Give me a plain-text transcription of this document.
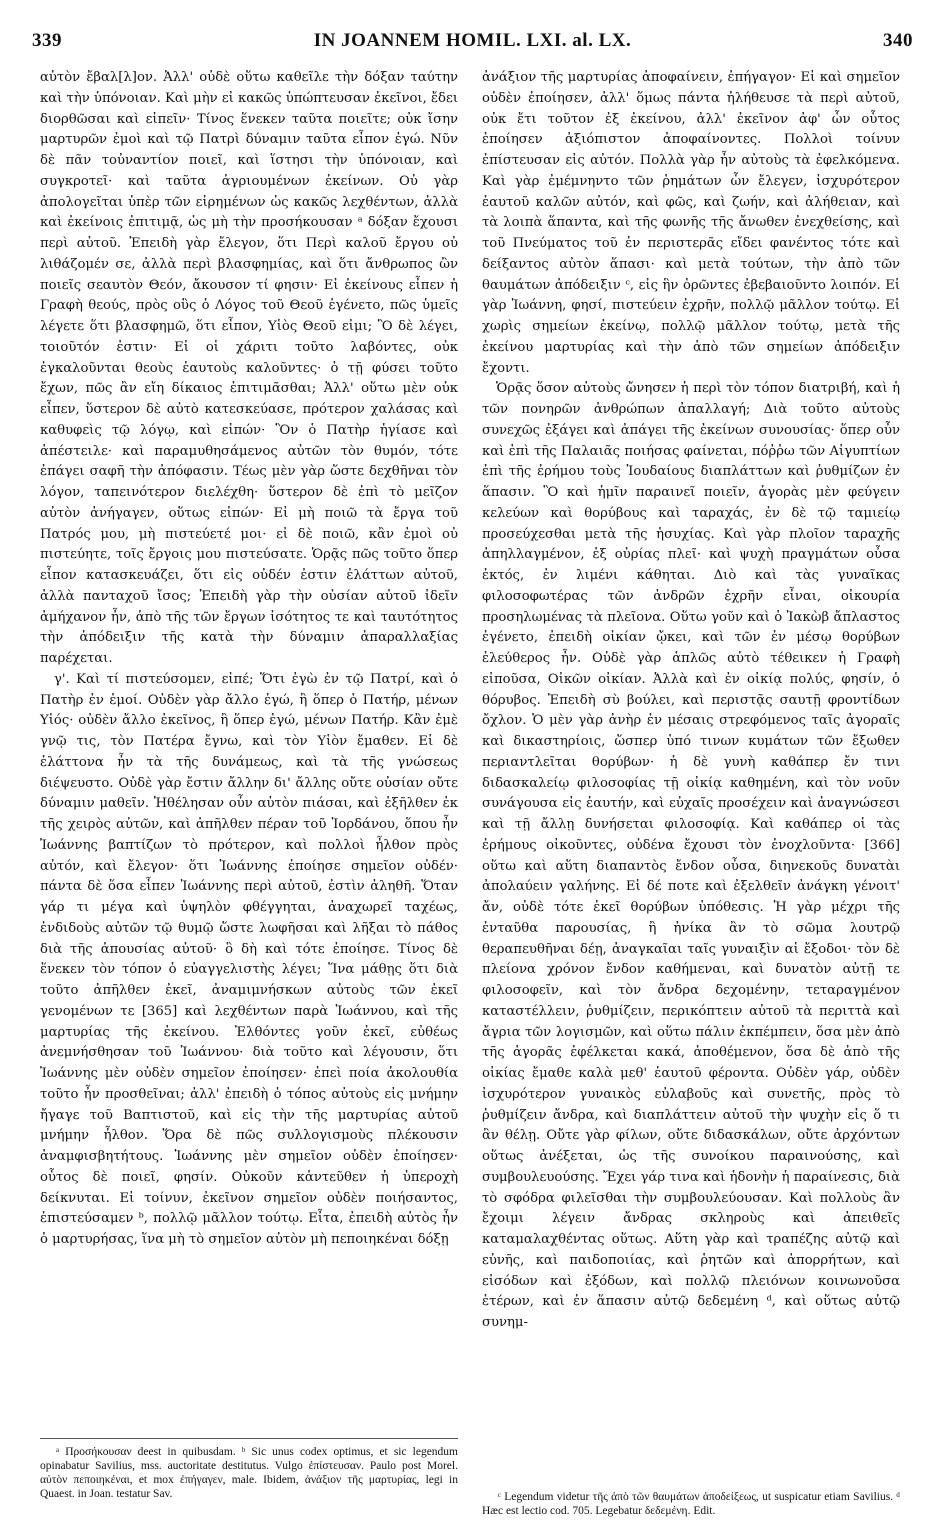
339	IN JOANNEM HOMIL. LXI. al. LX.	340

αὐτὸν ἔβαλ[λ]ον. Ἀλλ' οὐδὲ οὕτω καθεῖλε τὴν δόξαν ταύτην καὶ τὴν ὑπόνοιαν. Καὶ μὴν εἰ κακῶς ὑπώπτευσαν ἐκεῖνοι, ἔδει διορθῶσαι καὶ εἰπεῖν· Τίνος ἕνεκεν ταῦτα ποιεῖτε; οὐκ ἴσην μαρτυρῶν ἐμοὶ καὶ τῷ Πατρὶ δύναμιν ταῦτα εἶπον ἐγώ. Νῦν δὲ πᾶν τοὐναντίον ποιεῖ, καὶ ἵστησι τὴν ὑπόνοιαν, καὶ συγκροτεῖ· καὶ ταῦτα ἀγριουμένων ἐκείνων. Οὐ γὰρ ἀπολογεῖται ὑπὲρ τῶν εἰρημένων ὡς κακῶς λεχθέντων, ἀλλὰ καὶ ἐκείνοις ἐπιτιμᾷ, ὡς μὴ τὴν προσήκουσαν ᵃ δόξαν ἔχουσι περὶ αὐτοῦ. Ἐπειδὴ γὰρ ἔλεγον, ὅτι Περὶ καλοῦ ἔργου οὐ λιθάζομέν σε, ἀλλὰ περὶ βλασφημίας, καὶ ὅτι ἄνθρωπος ὢν ποιεῖς σεαυτὸν Θεόν, ἄκουσον τί φησιν· Εἰ ἐκείνους εἶπεν ἡ Γραφὴ θεούς, πρὸς οὓς ὁ Λόγος τοῦ Θεοῦ ἐγένετο, πῶς ὑμεῖς λέγετε ὅτι βλασφημῶ, ὅτι εἶπον, Υἱὸς Θεοῦ εἰμι; Ὃ δὲ λέγει, τοιοῦτόν ἐστιν· Εἰ οἱ χάριτι τοῦτο λαβόντες, οὐκ ἐγκαλοῦνται θεοὺς ἑαυτοὺς καλοῦντες· ὁ τῇ φύσει τοῦτο ἔχων, πῶς ἂν εἴη δίκαιος ἐπιτιμᾶσθαι; Ἀλλ' οὕτω μὲν οὐκ εἶπεν, ὕστερον δὲ αὐτὸ κατεσκεύασε, πρότερον χαλάσας καὶ καθυφεὶς τῷ λόγῳ, καὶ εἰπών· Ὃν ὁ Πατὴρ ἡγίασε καὶ ἀπέστειλε· καὶ παραμυθησάμενος αὐτῶν τὸν θυμόν, τότε ἐπάγει σαφῆ τὴν ἀπόφασιν. Τέως μὲν γὰρ ὥστε δεχθῆναι τὸν λόγον, ταπεινότερον διελέχθη· ὕστερον δὲ ἐπὶ τὸ μεῖζον αὐτὸν ἀνήγαγεν, οὕτως εἰπών· Εἰ μὴ ποιῶ τὰ ἔργα τοῦ Πατρός μου, μὴ πιστεύετέ μοι· εἰ δὲ ποιῶ, κἂν ἐμοὶ οὐ πιστεύητε, τοῖς ἔργοις μου πιστεύσατε. Ὁρᾷς πῶς τοῦτο ὅπερ εἶπον κατασκευάζει, ὅτι εἰς οὐδέν ἐστιν ἐλάττων αὐτοῦ, ἀλλὰ πανταχοῦ ἴσος; Ἐπειδὴ γὰρ τὴν οὐσίαν αὐτοῦ ἰδεῖν ἀμήχανον ἦν, ἀπὸ τῆς τῶν ἔργων ἰσότητος τε καὶ ταυτότητος τὴν ἀπόδειξιν τῆς κατὰ τὴν δύναμιν ἀπαραλλαξίας παρέχεται.

γ'. Καὶ τί πιστεύσομεν, εἰπέ; Ὅτι ἐγὼ ἐν τῷ Πατρί, καὶ ὁ Πατὴρ ἐν ἐμοί. Οὐδὲν γὰρ ἄλλο ἐγώ, ἢ ὅπερ ὁ Πατήρ, μένων Υἱός· οὐδὲν ἄλλο ἐκεῖνος, ἢ ὅπερ ἐγώ, μένων Πατήρ. Κἂν ἐμὲ γνῷ τις, τὸν Πατέρα ἔγνω, καὶ τὸν Υἱὸν ἔμαθεν. Εἰ δὲ ἐλάττονα ἦν τὰ τῆς δυνάμεως, καὶ τὰ τῆς γνώσεως διέψευστο. Οὐδὲ γὰρ ἔστιν ἄλλην δι' ἄλλης οὔτε οὐσίαν οὔτε δύναμιν μαθεῖν. Ἠθέλησαν οὖν αὐτὸν πιάσαι, καὶ ἐξῆλθεν ἐκ τῆς χειρὸς αὐτῶν, καὶ ἀπῆλθεν πέραν τοῦ Ἰορδάνου, ὅπου ἦν Ἰωάννης βαπτίζων τὸ πρότερον, καὶ πολλοὶ ἦλθον πρὸς αὐτόν, καὶ ἔλεγον· ὅτι Ἰωάννης ἐποίησε σημεῖον οὐδέν· πάντα δὲ ὅσα εἶπεν Ἰωάννης περὶ αὐτοῦ, ἐστὶν ἀληθῆ. Ὅταν γάρ τι μέγα καὶ ὑψηλὸν φθέγγηται, ἀναχωρεῖ ταχέως, ἐνδιδοὺς αὐτῶν τῷ θυμῷ ὥστε λωφῆσαι καὶ λῆξαι τὸ πάθος διὰ τῆς ἀπουσίας αὐτοῦ· ὃ δὴ καὶ τότε ἐποίησε. Τίνος δὲ ἕνεκεν τὸν τόπον ὁ εὐαγγελιστὴς λέγει; Ἵνα μάθῃς ὅτι διὰ τοῦτο ἀπῆλθεν ἐκεῖ, ἀναμιμνήσκων αὐτοὺς τῶν ἐκεῖ γενομένων τε [365] καὶ λεχθέντων παρὰ Ἰωάννου, καὶ τῆς μαρτυρίας τῆς ἐκείνου. Ἐλθόντες γοῦν ἐκεῖ, εὐθέως ἀνεμνήσθησαν τοῦ Ἰωάννου· διὰ τοῦτο καὶ λέγουσιν, ὅτι Ἰωάννης μὲν οὐδὲν σημεῖον ἐποίησεν· ἐπεὶ ποία ἀκολουθία τοῦτο ἦν προσθεῖναι; ἀλλ' ἐπειδὴ ὁ τόπος αὐτοὺς εἰς μνήμην ἤγαγε τοῦ Βαπτιστοῦ, καὶ εἰς τὴν τῆς μαρτυρίας αὐτοῦ μνήμην ἦλθον. Ὅρα δὲ πῶς συλλογισμοὺς πλέκουσιν ἀναμφισβητήτους. Ἰωάννης μὲν σημεῖον οὐδὲν ἐποίησεν· οὗτος δὲ ποιεῖ, φησίν. Οὐκοῦν κἀντεῦθεν ἡ ὑπεροχὴ δείκνυται. Εἰ τοίνυν, ἐκεῖνον σημεῖον οὐδὲν ποιήσαντος, ἐπιστεύσαμεν ᵇ, πολλῷ μᾶλλον τούτῳ. Εἶτα, ἐπειδὴ αὐτὸς ἦν ὁ μαρτυρήσας, ἵνα μὴ τὸ σημεῖον αὐτὸν μὴ πεποιηκέναι δόξῃ

ἀνάξιον τῆς μαρτυρίας ἀποφαίνειν, ἐπήγαγον· Εἰ καὶ σημεῖον οὐδὲν ἐποίησεν, ἀλλ' ὅμως πάντα ἠλήθευσε τὰ περὶ αὐτοῦ, οὐκ ἔτι τοῦτον ἐξ ἐκείνου, ἀλλ' ἐκεῖνον ἀφ' ὧν οὗτος ἐποίησεν ἀξιόπιστον ἀποφαίνοντες. Πολλοὶ τοίνυν ἐπίστευσαν εἰς αὐτόν. Πολλὰ γὰρ ἦν αὐτοὺς τὰ ἐφελκόμενα. Καὶ γὰρ ἐμέμνηντο τῶν ῥημάτων ὧν ἔλεγεν, ἰσχυρότερον ἑαυτοῦ καλῶν αὐτόν, καὶ φῶς, καὶ ζωήν, καὶ ἀλήθειαν, καὶ τὰ λοιπὰ ἅπαντα, καὶ τῆς φωνῆς τῆς ἄνωθεν ἐνεχθείσης, καὶ τοῦ Πνεύματος τοῦ ἐν περιστερᾶς εἴδει φανέντος τότε καὶ δείξαντος αὐτὸν ἅπασι· καὶ μετὰ τούτων, τὴν ἀπὸ τῶν θαυμάτων ἀπόδειξιν ᶜ, εἰς ἣν ὁρῶντες ἐβεβαιοῦντο λοιπόν. Εἰ γὰρ Ἰωάννη, φησί, πιστεύειν ἐχρῆν, πολλῷ μᾶλλον τούτῳ. Εἰ χωρὶς σημείων ἐκείνῳ, πολλῷ μᾶλλον τούτῳ, μετὰ τῆς ἐκείνου μαρτυρίας καὶ τὴν ἀπὸ τῶν σημείων ἀπόδειξιν ἔχοντι.

Ὁρᾷς ὅσον αὐτοὺς ὤνησεν ἡ περὶ τὸν τόπον διατριβή, καὶ ἡ τῶν πονηρῶν ἀνθρώπων ἀπαλλαγή; Διὰ τοῦτο αὐτοὺς συνεχῶς ἐξάγει καὶ ἀπάγει τῆς ἐκείνων συνουσίας· ὅπερ οὖν καὶ ἐπὶ τῆς Παλαιᾶς ποιήσας φαίνεται, πόῤῥω τῶν Αἰγυπτίων ἐπὶ τῆς ἐρήμου τοὺς Ἰουδαίους διαπλάττων καὶ ῥυθμίζων ἐν ἅπασιν. Ὃ καὶ ἡμῖν παραινεῖ ποιεῖν, ἀγορὰς μὲν φεύγειν κελεύων καὶ θορύβους καὶ ταραχάς, ἐν δὲ τῷ ταμιείῳ προσεύχεσθαι μετὰ τῆς ἡσυχίας. Καὶ γὰρ πλοῖον ταραχῆς ἀπηλλαγμένον, ἐξ οὐρίας πλεῖ· καὶ ψυχὴ πραγμάτων οὖσα ἐκτός, ἐν λιμένι κάθηται. Διὸ καὶ τὰς γυναῖκας φιλοσοφωτέρας τῶν ἀνδρῶν ἐχρῆν εἶναι, οἰκουρία προσηλωμένας τὰ πλεῖονα. Οὕτω γοῦν καὶ ὁ Ἰακὼβ ἄπλαστος ἐγένετο, ἐπειδὴ οἰκίαν ᾤκει, καὶ τῶν ἐν μέσῳ θορύβων ἐλεύθερος ἦν. Οὐδὲ γὰρ ἁπλῶς αὐτὸ τέθεικεν ἡ Γραφὴ εἰποῦσα, Οἰκῶν οἰκίαν. Ἀλλὰ καὶ ἐν οἰκίᾳ πολύς, φησίν, ὁ θόρυβος. Ἐπειδὴ σὺ βούλει, καὶ περιστᾷς σαυτῇ φροντίδων ὄχλον. Ὁ μὲν γὰρ ἀνὴρ ἐν μέσαις στρεφόμενος ταῖς ἀγοραῖς καὶ δικαστηρίοις, ὥσπερ ὑπό τινων κυμάτων τῶν ἔξωθεν περιαντλεῖται θορύβων· ἡ δὲ γυνὴ καθάπερ ἔν τινι διδασκαλείῳ φιλοσοφίας τῇ οἰκίᾳ καθημένη, καὶ τὸν νοῦν συνάγουσα εἰς ἑαυτήν, καὶ εὐχαῖς προσέχειν καὶ ἀναγνώσεσι καὶ τῇ ἄλλῃ δυνήσεται φιλοσοφίᾳ. Καὶ καθάπερ οἱ τὰς ἐρήμους οἰκοῦντες, οὐδένα ἔχουσι τὸν ἐνοχλοῦντα· [366] οὕτω καὶ αὕτη διαπαντὸς ἔνδον οὖσα, διηνεκοῦς δυνατὰι ἀπολαύειν γαλήνης. Εἰ δέ ποτε καὶ ἐξελθεῖν ἀνάγκη γένοιτ' ἄν, οὐδὲ τότε ἐκεῖ θορύβων ὑπόθεσις. Ἡ γὰρ μέχρι τῆς ἐνταῦθα παρουσίας, ἢ ἡνίκα ἂν τὸ σῶμα λουτρῷ θεραπευθῆναι δέῃ, ἀναγκαῖαι ταῖς γυναιξὶν αἱ ἔξοδοι· τὸν δὲ πλείονα χρόνον ἔνδον καθήμεναι, καὶ δυνατὸν αὐτῇ τε φιλοσοφεῖν, καὶ τὸν ἄνδρα δεχομένην, τεταραγμένον καταστέλλειν, ῥυθμίζειν, περικόπτειν αὐτοῦ τὰ περιττὰ καὶ ἄγρια τῶν λογισμῶν, καὶ οὕτω πάλιν ἐκπέμπειν, ὅσα μὲν ἀπὸ τῆς ἀγορᾶς ἐφέλκεται κακά, ἀποθέμενον, ὅσα δὲ ἀπὸ τῆς οἰκίας ἔμαθε καλὰ μεθ' ἑαυτοῦ φέροντα. Οὐδὲν γάρ, οὐδὲν ἰσχυρότερον γυναικὸς εὐλαβοῦς καὶ συνετῆς, πρὸς τὸ ῥυθμίζειν ἄνδρα, καὶ διαπλάττειν αὐτοῦ τὴν ψυχὴν εἰς ὅ τι ἂν θέλῃ. Οὔτε γὰρ φίλων, οὔτε διδασκάλων, οὔτε ἀρχόντων οὕτως ἀνέξεται, ὡς τῆς συνοίκου παραινούσης, καὶ συμβουλευούσης. Ἔχει γάρ τινα καὶ ἡδονὴν ἡ παραίνεσις, διὰ τὸ σφόδρα φιλεῖσθαι τὴν συμβουλεύουσαν. Καὶ πολλοὺς ἂν ἔχοιμι λέγειν ἄνδρας σκληροὺς καὶ ἀπειθεῖς καταμαλαχθέντας οὕτως. Αὕτη γὰρ καὶ τραπέζης αὐτῷ καὶ εὐνῆς, καὶ παιδοποιίας, καὶ ῥητῶν καὶ ἀπορρήτων, καὶ εἰσόδων καὶ ἐξόδων, καὶ πολλῷ πλειόνων κοινωνοῦσα ἑτέρων, καὶ ἐν ἅπασιν αὐτῷ δεδεμένη ᵈ, καὶ οὕτως αὐτῷ συνημ-

ᵃ Προσήκουσαν deest in quibusdam. ᵇ Sic unus codex optimus, et sic legendum opinabatur Savilius, mss. auctoritate destitutus. Vulgo ἐπίστευσαν. Paulo post Morel. αὐτὸν πεποιηκέναι, et mox ἐπήγαγεν, male. Ibidem, ἀνάξιον τῆς μαρτυρίας, legi in Quaest. in Joan. testatur Sav.	ᶜ Legendum videtur τῆς ἀπὸ τῶν θαυμάτων ἀποδείξεως, ut suspicatur etiam Savilius. ᵈ Hæc est lectio cod. 705. Legebatur δεδεμένη. Edit.
